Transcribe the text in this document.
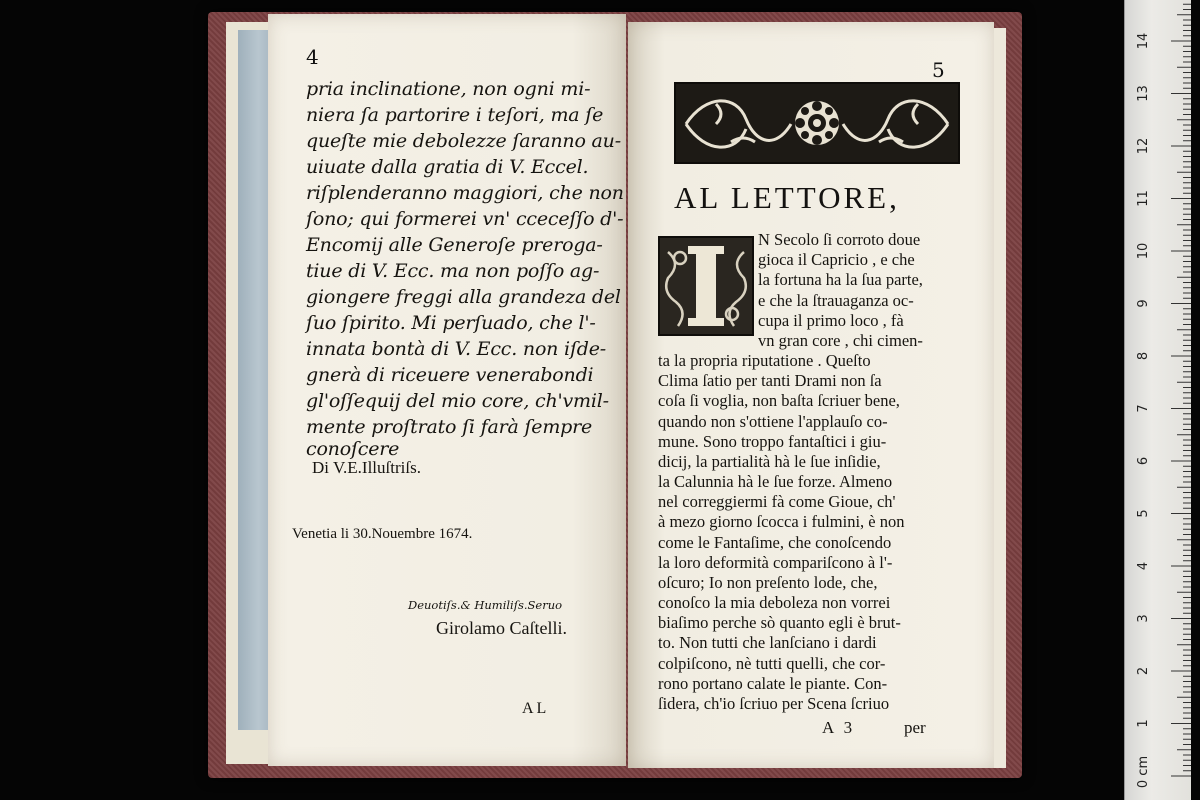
4
pria inclinatione, non ogni mi-
niera ſa partorire i teſori, ma ſe
queſte mie debolezze ſaranno au-
uiuate dalla gratia di V. Eccel.
riſplenderanno maggiori, che non
ſono; qui formerei vn' cceceſſo d'-
Encomij alle Generoſe preroga-
tiue di V. Ecc. ma non poſſo ag-
giongere freggi alla grandeza del
ſuo ſpirito. Mi perſuado, che l'-
innata bontà di V. Ecc. non iſde-
gnerà di riceuere venerabondi
gl'oſſequij del mio core, ch'vmil-
mente proſtrato ſi farà ſempre
conoſcere
Di V.E.Illuſtriſs.
Venetia li 30.Nouembre 1674.
Deuotiſs.& Humiliſs.Seruo
Girolamo Caſtelli.
AL
5
AL LETTORE,
N Secolo ſi corroto doue
gioca il Capricio , e che
la fortuna ha la ſua parte,
e che la ſtrauaganza oc-
cupa il primo loco , fà
vn gran core , chi cimen-
ta la propria riputatione . Queſto
Clima ſatio per tanti Drami non ſa
coſa ſi voglia, non baſta ſcriuer bene,
quando non s'ottiene l'applauſo co-
mune. Sono troppo fantaſtici i giu-
dicij, la partialità hà le ſue inſidie,
la Calunnia hà le ſue forze. Almeno
nel correggiermi fà come Gioue, ch'
à mezo giorno ſcocca i fulmini, è non
come le Fantaſime, che conoſcendo
la loro deformità compariſcono à l'-
oſcuro; Io non preſento lode, che,
conoſco la mia deboleza non vorrei
biaſimo perche sò quanto egli è brut-
to. Non tutti che lanſciano i dardi
colpiſcono, nè tutti quelli, che cor-
rono portano calate le piante. Con-
ſidera, ch'io ſcriuo per Scena ſcriuo
0 cm
1
2
3
4
5
6
7
8
9
10
11
12
13
14
A 3	per
